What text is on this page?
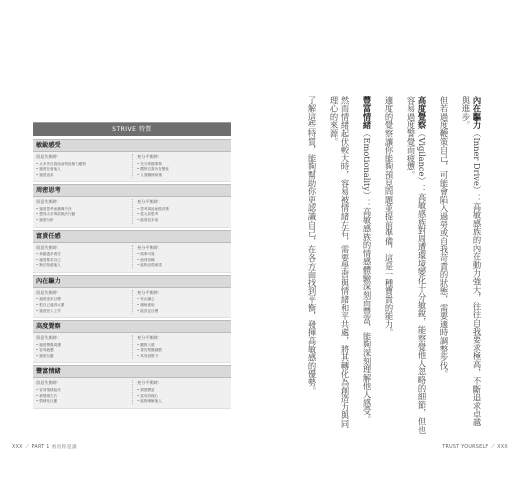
STRIVE 特質
敏銳感受
留意失衡時：
• 太多外在資訊而導致無力應對
• 過度在意他人
• 過度追求
充分平衡時：
• 充分掌握事物
• 體察自我內在變化
• 人我關係和諧
周密思考
留意失衡時：
• 過度思考而猶豫不決
• 想得太多導致無法行動
• 過度分析
充分平衡時：
• 思考周延而做決策
• 從大局思考
• 能預見未來
富責任感
留意失衡時：
• 承擔過多責任
• 過度要求自己
• 無法拒絕他人
充分平衡時：
• 做事可靠
• 值得信賴
• 能夠兌現承諾
內在驅力
留意失衡時：
• 過度追求目標
• 把自己逼得太緊
• 過度投入工作
充分平衡時：
• 有企圖心
• 積極進取
• 能設定目標
高度覺察
留意失衡時：
• 過度警覺周遭
• 容易疲憊
• 過度反應
充分平衡時：
• 觀察入微
• 善於察覺細節
• 具有洞察力
豐富情緒
留意失衡時：
• 容易情緒起伏
• 被情緒左右
• 情緒化反應
充分平衡時：
• 情感豐富
• 富有同理心
• 能夠理解他人
XXX ／ PART 1 看出你是誰

內在驅力（Inner Drive）：高敏感族的內在動力強大，往往自我要求極高，不斷追求卓越與進步。

但若過度鞭策自己，可能會陷入過勞或自我苛責的狀態，需要適時調整步伐。

高度覺察（Vigilance）：高敏感族對周遭環境變化十分敏銳，能察覺他人忽略的細節，但也容易過度警覺而疲憊。

適度的覺察讓你能夠預見問題並提前準備，這是一種寶貴的能力。

豐富情緒（Emotionality）：高敏感族的情感體驗深刻而豐富，能夠深刻理解他人感受。

然而情緒起伏較大時，容易被情緒左右，需要學習與情緒和平共處，將其轉化為創造力與同理心的來源。

了解這些特質，能夠幫助你更認識自己，在各方面找到平衡，發揮高敏感的優勢。

TRUST YOURSELF ／ XXX
